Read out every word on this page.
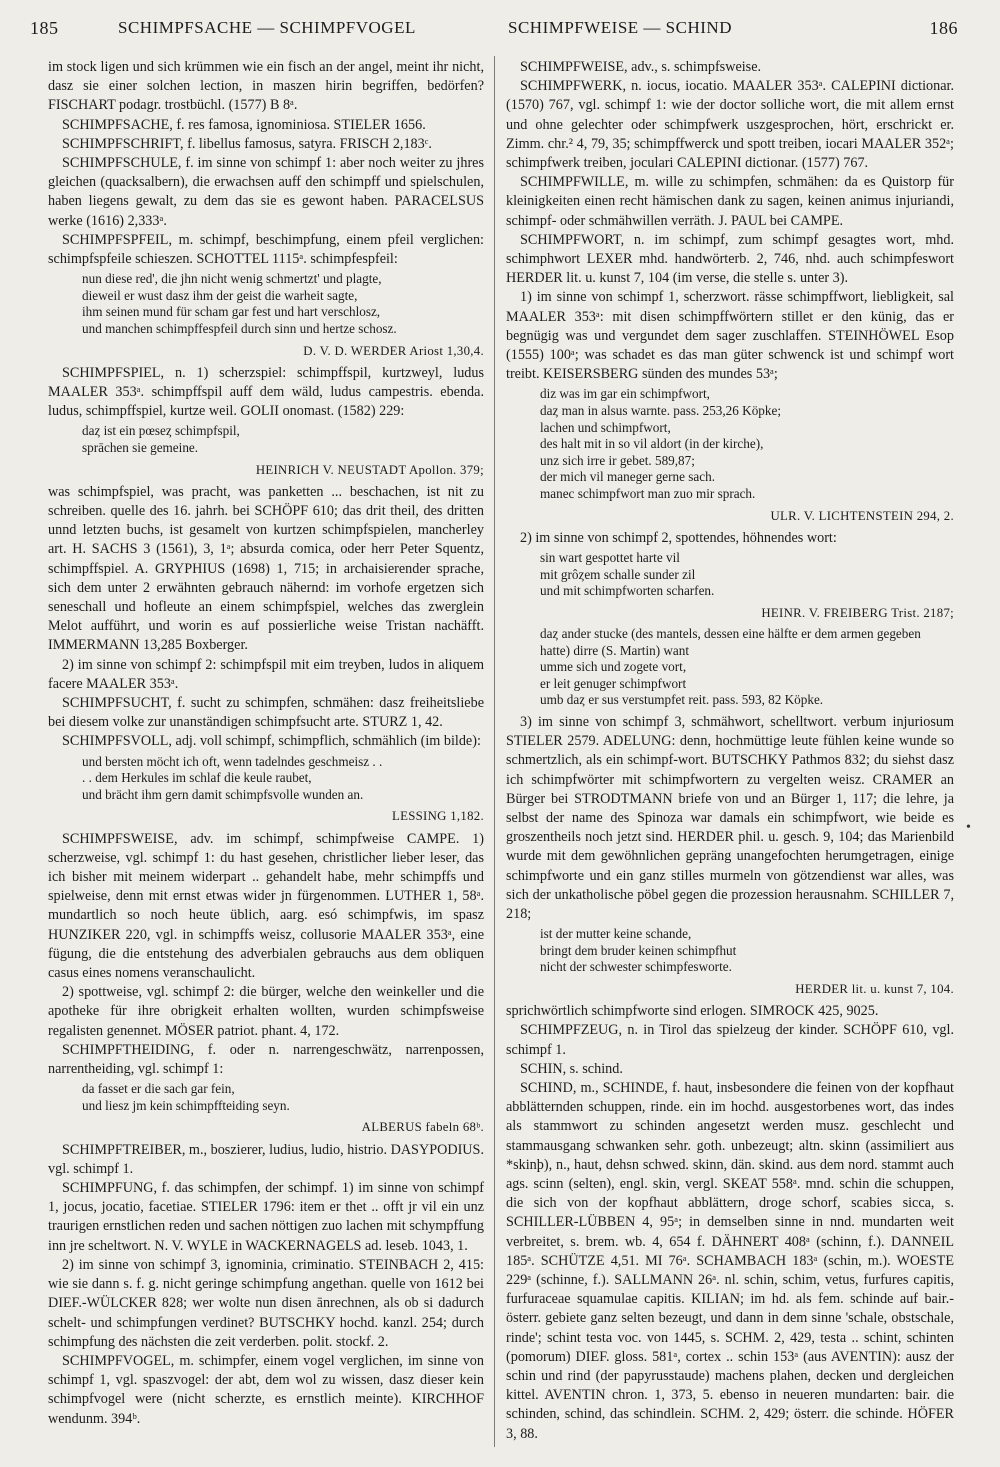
185	SCHIMPFSACHE — SCHIMPFVOGEL	SCHIMPFWEISE — SCHIND	186
im stock ligen und sich krümmen wie ein fisch an der angel, meint ihr nicht, dasz sie einer solchen lection, in maszen hirin begriffen, bedörfen? FISCHART podagr. trostbüchl. (1577) B 8ᵃ.
SCHIMPFSACHE, f. res famosa, ignominiosa. STIELER 1656.
SCHIMPFSCHRIFT, f. libellus famosus, satyra. FRISCH 2,183ᶜ.
SCHIMPFSCHULE, f. im sinne von schimpf 1: aber noch weiter zu jhres gleichen (quacksalbern), die erwachsen auff den schimpff und spielschulen, haben liegens gewalt, zu dem das sie es gewont haben. PARACELSUS werke (1616) 2,333ᵃ.
SCHIMPFSPFEIL, m. schimpf, beschimpfung, einem pfeil verglichen: schimpfspfeile schieszen. SCHOTTEL 1115ᵃ. schimpfespfeil:
nun diese red', die jhn nicht wenig schmertzt' und plagte,
dieweil er wust dasz ihm der geist die warheit sagte,
ihm seinen mund für scham gar fest und hart verschlosz,
und manchen schimpffespfeil durch sinn und hertze schosz.
D. V. D. WERDER Ariost 1,30,4.
SCHIMPFSPIEL, n. 1) scherzspiel: schimpffspil, kurtzweyl, ludus MAALER 353ᵃ. schimpffspil auff dem wäld, ludus campestris. ebenda. ludus, schimpffspiel, kurtze weil. GOLII onomast. (1582) 229:
daȥ ist ein pœseȥ schimpfspil,
sprāchen sie gemeine.
HEINRICH V. NEUSTADT Apollon. 379;
was schimpfspiel, was pracht, was panketten ... beschachen, ist nit zu schreiben. quelle des 16. jahrh. bei SCHÖPF 610; das drit theil, des dritten unnd letzten buchs, ist gesamelt von kurtzen schimpfspielen, mancherley art. H. SACHS 3 (1561), 3, 1ᵃ; absurda comica, oder herr Peter Squentz, schimpffspiel. A. GRYPHIUS (1698) 1, 715; in archaisierender sprache, sich dem unter 2 erwähnten gebrauch nähernd: im vorhofe ergetzen sich seneschall und hofleute an einem schimpfspiel, welches das zwerglein Melot aufführt, und worin es auf possierliche weise Tristan nachäfft. IMMERMANN 13,285 Boxberger.
2) im sinne von schimpf 2: schimpfspil mit eim treyben, ludos in aliquem facere MAALER 353ᵃ.
SCHIMPFSUCHT, f. sucht zu schimpfen, schmähen: dasz freiheitsliebe bei diesem volke zur unanständigen schimpfsucht arte. STURZ 1, 42.
SCHIMPFSVOLL, adj. voll schimpf, schimpflich, schmählich (im bilde):
und bersten möcht ich oft, wenn tadelndes geschmeisz . .
. . dem Herkules im schlaf die keule raubet,
und brächt ihm gern damit schimpfsvolle wunden an.
LESSING 1,182.
SCHIMPFSWEISE, adv. im schimpf, schimpfweise CAMPE. 1) scherzweise, vgl. schimpf 1: du hast gesehen, christlicher lieber leser, das ich bisher mit meinem widerpart .. gehandelt habe, mehr schimpffs und spielweise, denn mit ernst etwas wider jn fürgenommen. LUTHER 1, 58ᵃ. mundartlich so noch heute üblich, aarg. esó schimpfwis, im spasz HUNZIKER 220, vgl. in schimpffs weisz, collusorie MAALER 353ᵃ, eine fügung, die die entstehung des adverbialen gebrauchs aus dem obliquen casus eines nomens veranschaulicht.
2) spottweise, vgl. schimpf 2: die bürger, welche den weinkeller und die apotheke für ihre obrigkeit erhalten wollten, wurden schimpfsweise regalisten genennet. MÖSER patriot. phant. 4, 172.
SCHIMPFTHEIDING, f. oder n. narrengeschwätz, narrenpossen, narrentheiding, vgl. schimpf 1:
da fasset er die sach gar fein,
und liesz jm kein schimpffteiding seyn.
ALBERUS fabeln 68ᵇ.
SCHIMPFTREIBER, m., boszierer, ludius, ludio, histrio. DASYPODIUS. vgl. schimpf 1.
SCHIMPFUNG, f. das schimpfen, der schimpf. 1) im sinne von schimpf 1, jocus, jocatio, facetiae. STIELER 1796: item er thet .. offt jr vil ein unz traurigen ernstlichen reden und sachen nöttigen zuo lachen mit schympffung inn jre scheltwort. N. V. WYLE in WACKERNAGELS ad. leseb. 1043, 1.
2) im sinne von schimpf 3, ignominia, criminatio. STEINBACH 2, 415: wie sie dann s. f. g. nicht geringe schimpfung angethan. quelle von 1612 bei DIEF.-WÜLCKER 828; wer wolte nun disen ānrechnen, als ob si dadurch schelt- und schimpfungen verdinet? BUTSCHKY hochd. kanzl. 254; durch schimpfung des nächsten die zeit verderben. polit. stockf. 2.
SCHIMPFVOGEL, m. schimpfer, einem vogel verglichen, im sinne von schimpf 1, vgl. spaszvogel: der abt, dem wol zu wissen, dasz dieser kein schimpfvogel were (nicht scherzte, es ernstlich meinte). KIRCHHOF wendunm. 394ᵇ.
SCHIMPFWEISE, adv., s. schimpfsweise.
SCHIMPFWERK, n. iocus, iocatio. MAALER 353ᵃ. CALEPINI dictionar. (1570) 767, vgl. schimpf 1: wie der doctor solliche wort, die mit allem ernst und ohne gelechter oder schimpfwerk uszgesprochen, hört, erschrickt er. Zimm. chr.² 4, 79, 35; schimpffwerck und spott treiben, iocari MAALER 352ᵃ; schimpfwerk treiben, joculari CALEPINI dictionar. (1577) 767.
SCHIMPFWILLE, m. wille zu schimpfen, schmähen: da es Quistorp für kleinigkeiten einen recht hämischen dank zu sagen, keinen animus injuriandi, schimpf- oder schmähwillen verräth. J. PAUL bei CAMPE.
SCHIMPFWORT, n. im schimpf, zum schimpf gesagtes wort, mhd. schimphwort LEXER mhd. handwörterb. 2, 746, nhd. auch schimpfeswort HERDER lit. u. kunst 7, 104 (im verse, die stelle s. unter 3).
1) im sinne von schimpf 1, scherzwort. rässe schimpffwort, liebligkeit, sal MAALER 353ᵃ: mit disen schimpffwörtern stillet er den künig, das er begnügig was und vergundet dem sager zuschlaffen. STEINHÖWEL Esop (1555) 100ᵃ; was schadet es das man güter schwenck ist und schimpf wort treibt. KEISERSBERG sünden des mundes 53ᵃ;
diz was im gar ein schimpfwort,
daȥ man in alsus warnte. pass. 253,26 Köpke;
lachen und schimpfwort,
des halt mit in so vil aldort (in der kirche),
unz sich irre ir gebet. 589,87;
der mich vil maneger gerne sach.
manec schimpfwort man zuo mir sprach.
ULR. V. LICHTENSTEIN 294, 2.
2) im sinne von schimpf 2, spottendes, höhnendes wort:
sin wart gespottet harte vil
mit grôȥem schalle sunder zil
und mit schimpfworten scharfen.
HEINR. V. FREIBERG Trist. 2187;
daȥ ander stucke (des mantels, dessen eine hälfte er dem armen gegeben hatte) dirre (S. Martin) want
umme sich und zogete vort,
er leit genuger schimpfwort
umb daȥ er sus verstumpfet reit. pass. 593, 82 Köpke.
3) im sinne von schimpf 3, schmähwort, schelltwort. verbum injuriosum STIELER 2579. ADELUNG: denn, hochmüttige leute fühlen keine wunde so schmertzlich, als ein schimpf-wort. BUTSCHKY Pathmos 832; du siehst dasz ich schimpfwörter mit schimpfwortern zu vergelten weisz. CRAMER an Bürger bei STRODTMANN briefe von und an Bürger 1, 117; die lehre, ja selbst der name des Spinoza war damals ein schimpfwort, wie beide es groszentheils noch jetzt sind. HERDER phil. u. gesch. 9, 104; das Marienbild wurde mit dem gewöhnlichen gepräng unangefochten herumgetragen, einige schimpfworte und ein ganz stilles murmeln von götzendienst war alles, was sich der unkatholische pöbel gegen die prozession herausnahm. SCHILLER 7, 218;
ist der mutter keine schande,
bringt dem bruder keinen schimpfhut
nicht der schwester schimpfesworte.
HERDER lit. u. kunst 7, 104.
sprichwörtlich schimpfworte sind erlogen. SIMROCK 425, 9025.
SCHIMPFZEUG, n. in Tirol das spielzeug der kinder. SCHÖPF 610, vgl. schimpf 1.
SCHIN, s. schind.
SCHIND, m., SCHINDE, f. haut, insbesondere die feinen von der kopfhaut abblätternden schuppen, rinde. ein im hochd. ausgestorbenes wort, das indes als stammwort zu schinden angesetzt werden musz. geschlecht und stammausgang schwanken sehr. goth. unbezeugt; altn. skinn (assimiliert aus *skinþ), n., haut, dehsn schwed. skinn, dän. skind. aus dem nord. stammt auch ags. scinn (selten), engl. skin, vergl. SKEAT 558ᵃ. mnd. schin die schuppen, die sich von der kopfhaut abblättern, droge schorf, scabies sicca, s. SCHILLER-LÜBBEN 4, 95ᵃ; in demselben sinne in nnd. mundarten weit verbreitet, s. brem. wb. 4, 654 f. DÄHNERT 408ᵃ (schinn, f.). DANNEIL 185ᵃ. SCHÜTZE 4,51. MI 76ᵃ. SCHAMBACH 183ᵃ (schin, m.). WOESTE 229ᵃ (schinne, f.). SALLMANN 26ᵃ. nl. schin, schim, vetus, furfures capitis, furfuraceae squamulae capitis. KILIAN; im hd. als fem. schinde auf bair.-österr. gebiete ganz selten bezeugt, und dann in dem sinne 'schale, obstschale, rinde'; schint testa voc. von 1445, s. SCHM. 2, 429, testa .. schint, schinten (pomorum) DIEF. gloss. 581ᵃ, cortex .. schin 153ᵃ (aus AVENTIN): ausz der schin und rind (der papyrusstaude) machens plahen, decken und dergleichen kittel. AVENTIN chron. 1, 373, 5. ebenso in neueren mundarten: bair. die schinden, schind, das schindlein. SCHM. 2, 429; österr. die schinde. HÖFER 3, 88.
•
